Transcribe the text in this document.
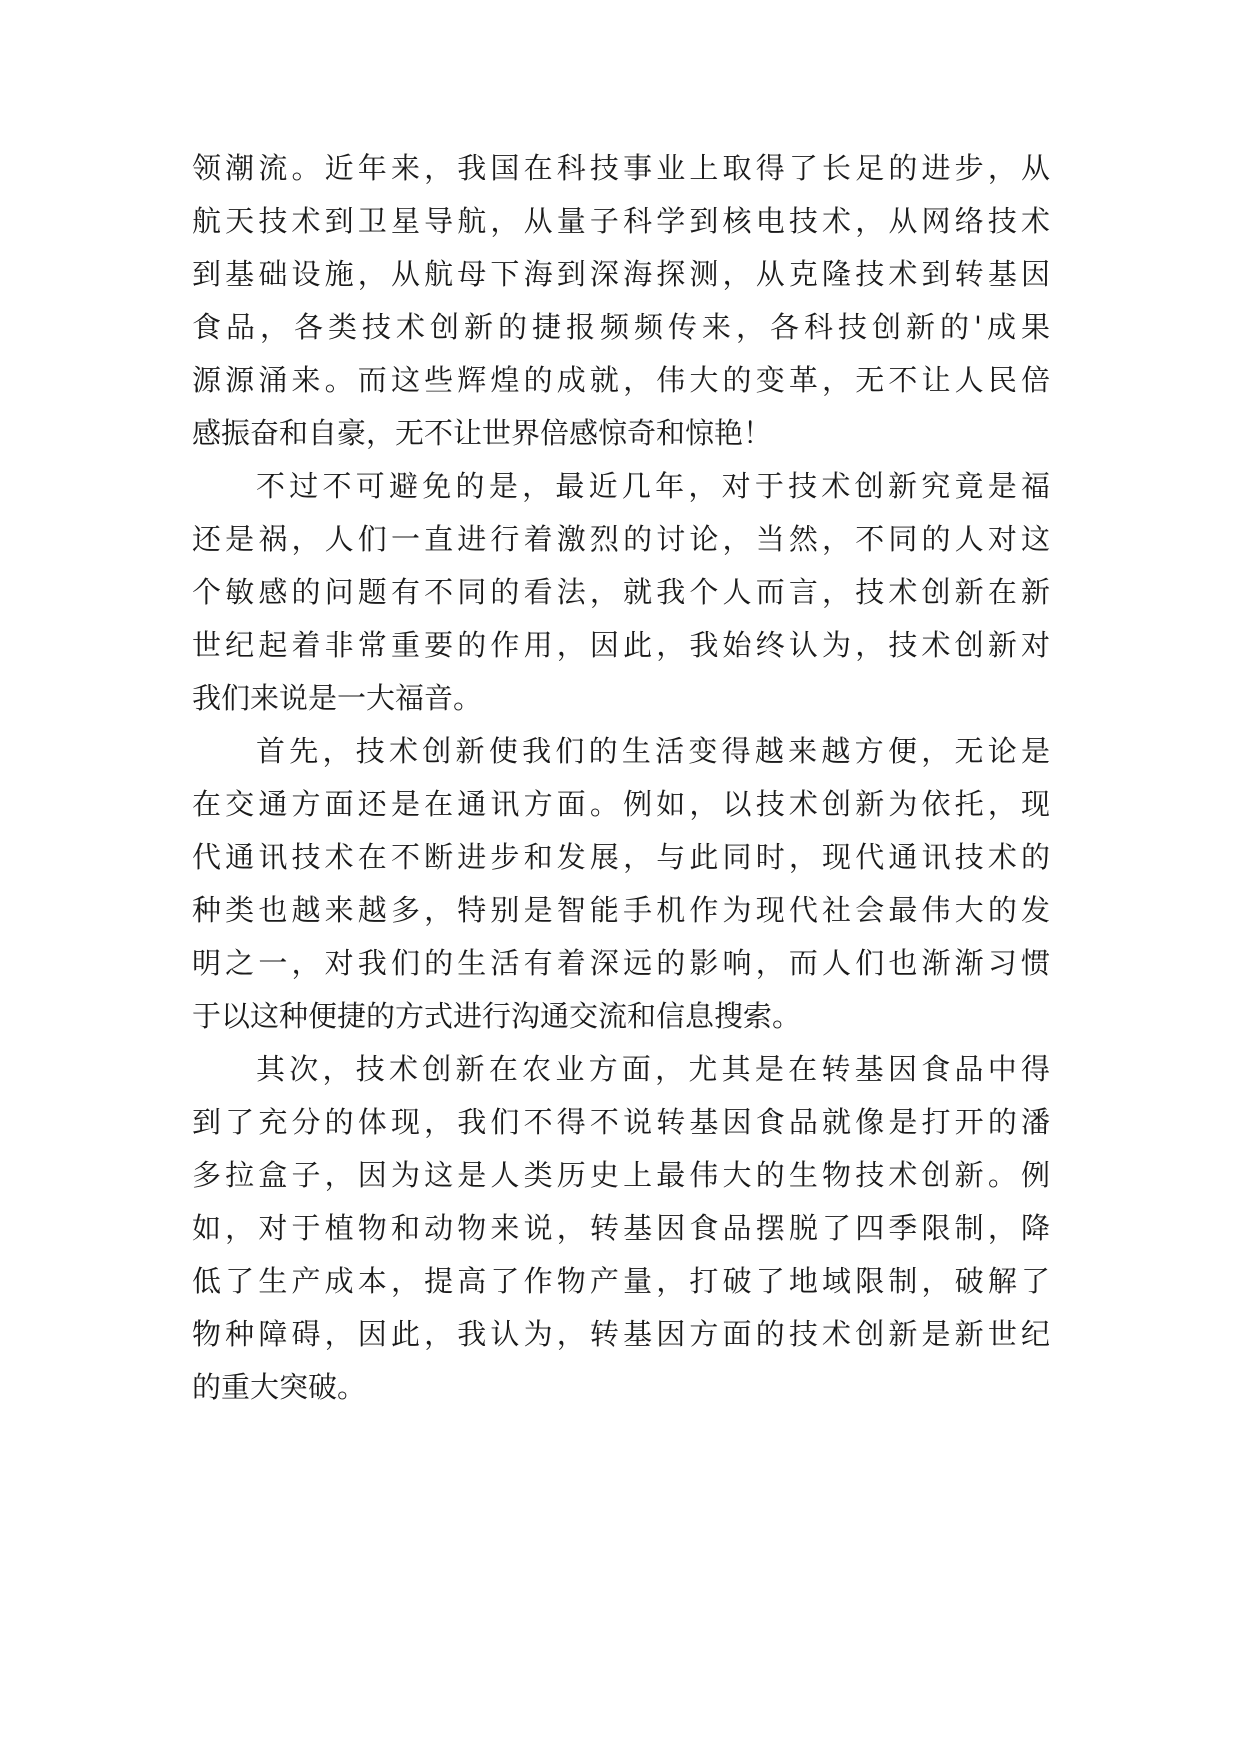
领潮流。近年来，我国在科技事业上取得了长足的进步，从
航天技术到卫星导航，从量子科学到核电技术，从网络技术
到基础设施，从航母下海到深海探测，从克隆技术到转基因
食品，各类技术创新的捷报频频传来，各科技创新的'成果
源源涌来。而这些辉煌的成就，伟大的变革，无不让人民倍
感振奋和自豪，无不让世界倍感惊奇和惊艳！
不过不可避免的是，最近几年，对于技术创新究竟是福
还是祸，人们一直进行着激烈的讨论，当然，不同的人对这
个敏感的问题有不同的看法，就我个人而言，技术创新在新
世纪起着非常重要的作用，因此，我始终认为，技术创新对
我们来说是一大福音。
首先，技术创新使我们的生活变得越来越方便，无论是
在交通方面还是在通讯方面。例如，以技术创新为依托，现
代通讯技术在不断进步和发展，与此同时，现代通讯技术的
种类也越来越多，特别是智能手机作为现代社会最伟大的发
明之一，对我们的生活有着深远的影响，而人们也渐渐习惯
于以这种便捷的方式进行沟通交流和信息搜索。
其次，技术创新在农业方面，尤其是在转基因食品中得
到了充分的体现，我们不得不说转基因食品就像是打开的潘
多拉盒子，因为这是人类历史上最伟大的生物技术创新。例
如，对于植物和动物来说，转基因食品摆脱了四季限制，降
低了生产成本，提高了作物产量，打破了地域限制，破解了
物种障碍，因此，我认为，转基因方面的技术创新是新世纪
的重大突破。
